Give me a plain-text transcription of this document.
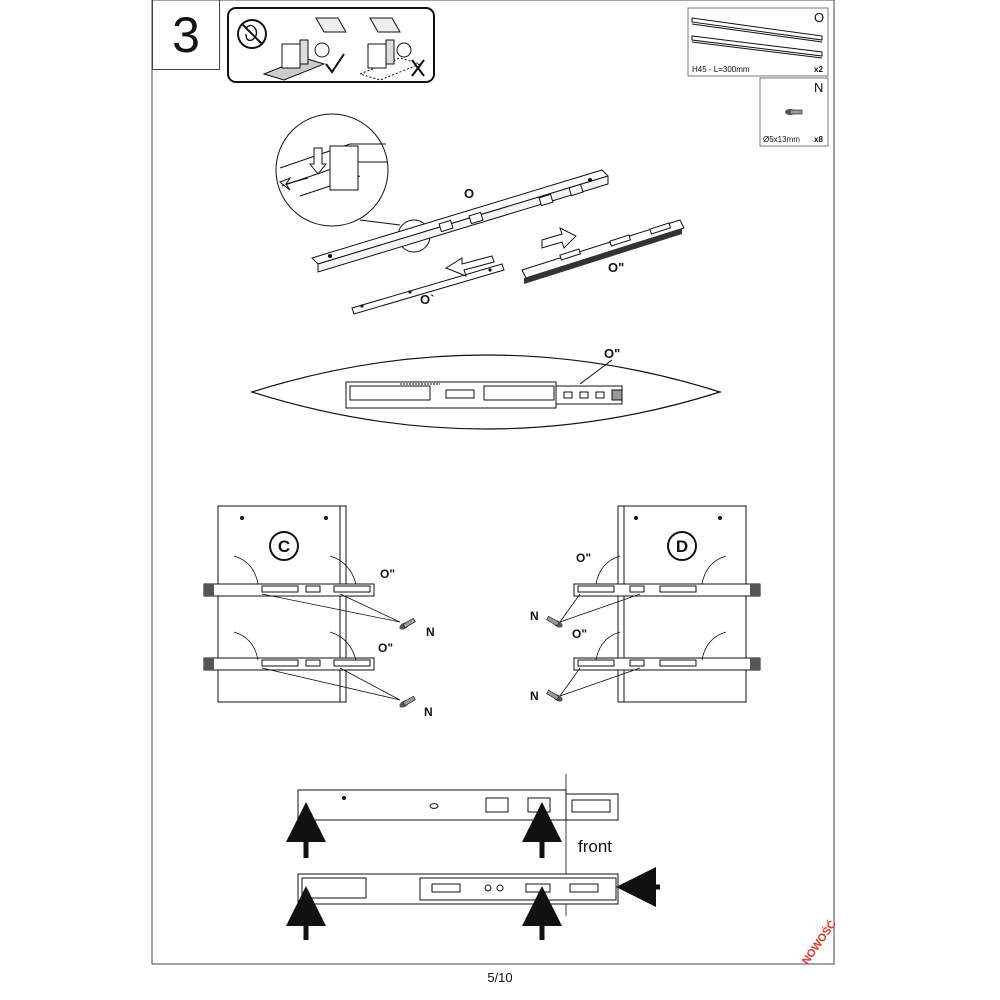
3	O
H45 - L=300mm	x2
N
Ø5x13mm x8
O
O`
O"
O"
C
O"
O"
N
N
D
O"
O"
N
N
front
5/10
NOWOŚĆ
